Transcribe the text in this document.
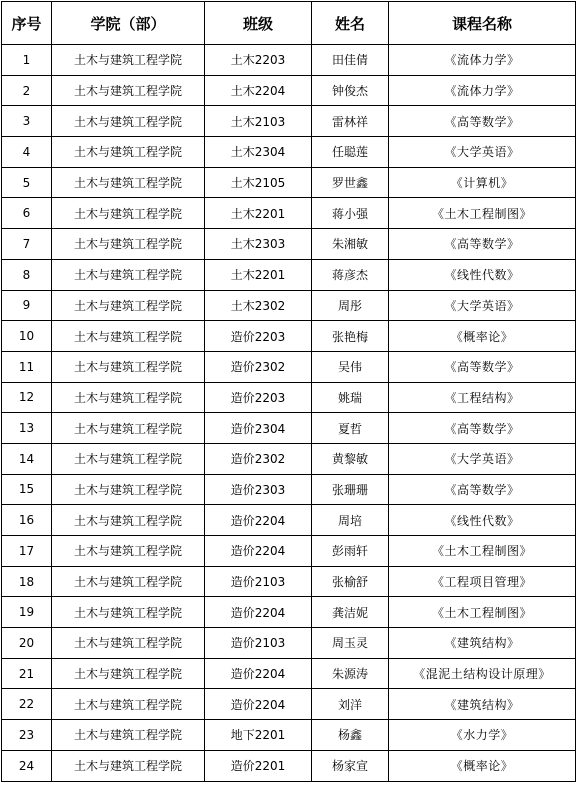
序号	学院（部）	班级	姓名	课程名称
1	土木与建筑工程学院	土木2203	田佳倩	《流体力学》
2	土木与建筑工程学院	土木2204	钟俊杰	《流体力学》
3	土木与建筑工程学院	土木2103	雷林祥	《高等数学》
4	土木与建筑工程学院	土木2304	任聪莲	《大学英语》
5	土木与建筑工程学院	土木2105	罗世鑫	《计算机》
6	土木与建筑工程学院	土木2201	蒋小强	《土木工程制图》
7	土木与建筑工程学院	土木2303	朱湘敏	《高等数学》
8	土木与建筑工程学院	土木2201	蒋彦杰	《线性代数》
9	土木与建筑工程学院	土木2302	周彤	《大学英语》
10	土木与建筑工程学院	造价2203	张艳梅	《概率论》
11	土木与建筑工程学院	造价2302	吴伟	《高等数学》
12	土木与建筑工程学院	造价2203	姚瑞	《工程结构》
13	土木与建筑工程学院	造价2304	夏哲	《高等数学》
14	土木与建筑工程学院	造价2302	黄黎敏	《大学英语》
15	土木与建筑工程学院	造价2303	张珊珊	《高等数学》
16	土木与建筑工程学院	造价2204	周培	《线性代数》
17	土木与建筑工程学院	造价2204	彭雨轩	《土木工程制图》
18	土木与建筑工程学院	造价2103	张榆舒	《工程项目管理》
19	土木与建筑工程学院	造价2204	龚洁妮	《土木工程制图》
20	土木与建筑工程学院	造价2103	周玉灵	《建筑结构》
21	土木与建筑工程学院	造价2204	朱源涛	《混泥土结构设计原理》
22	土木与建筑工程学院	造价2204	刘洋	《建筑结构》
23	土木与建筑工程学院	地下2201	杨鑫	《水力学》
24	土木与建筑工程学院	造价2201	杨家宣	《概率论》
